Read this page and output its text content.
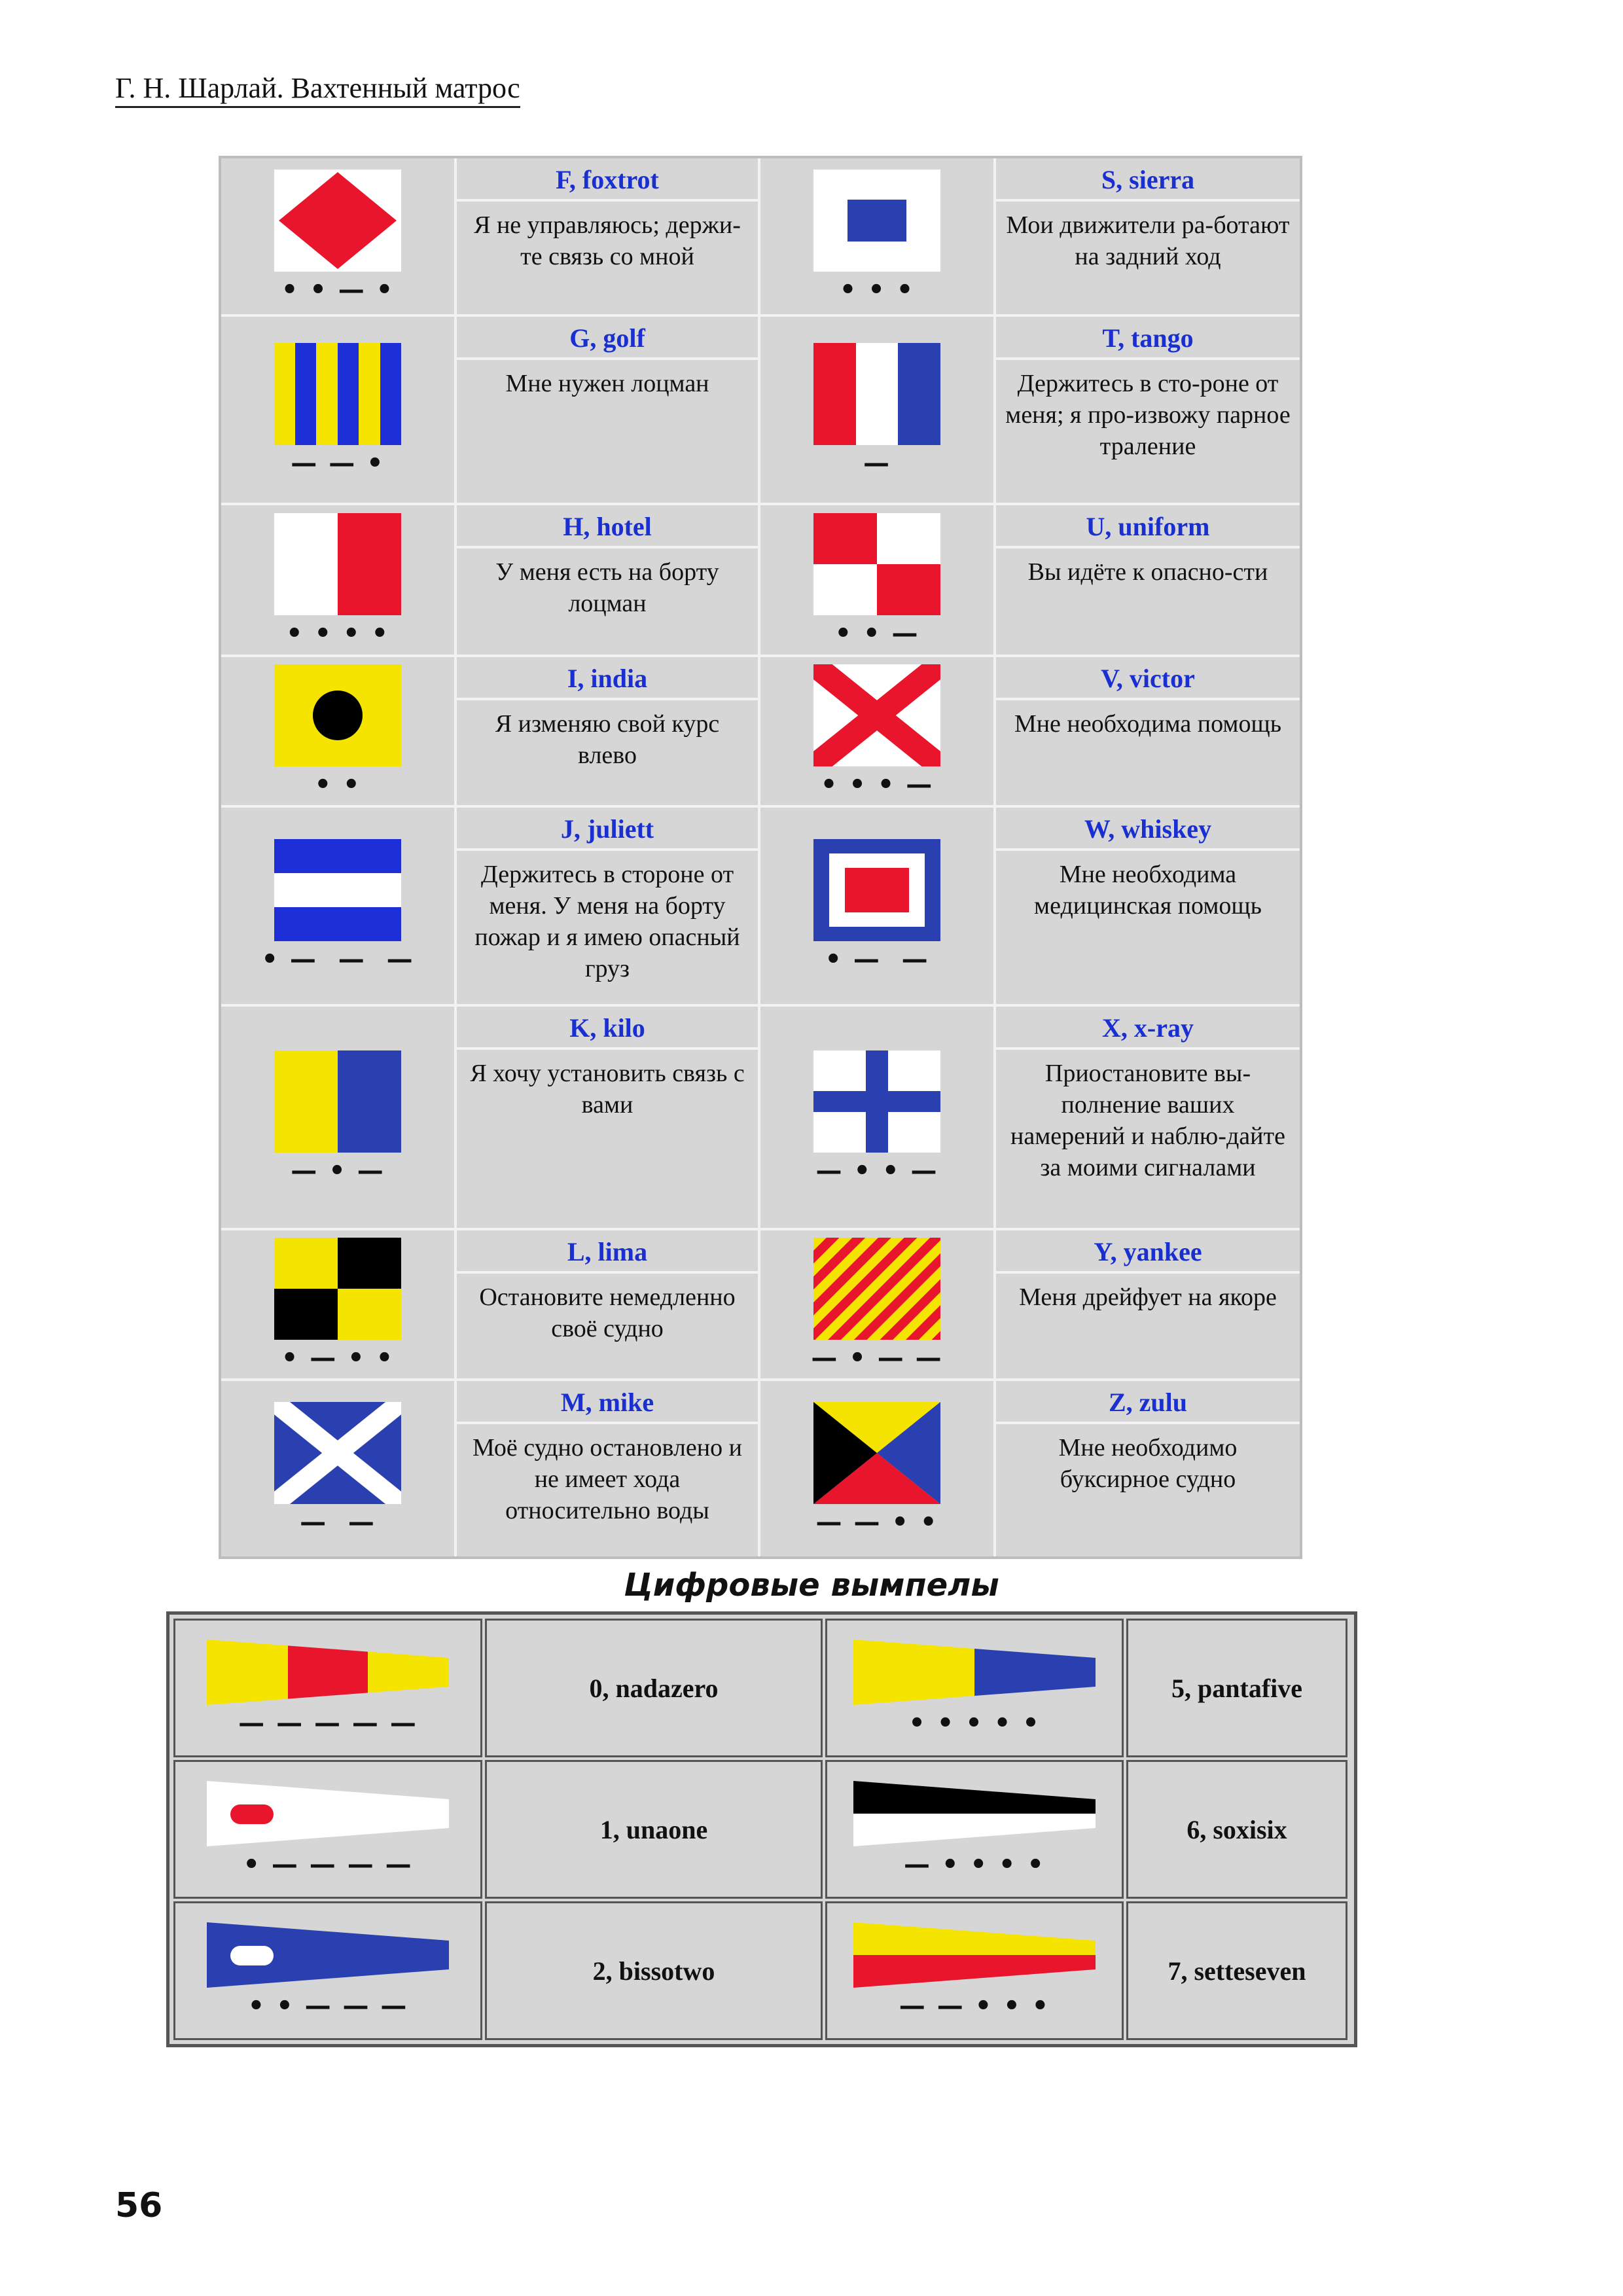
Г. Н. Шарлай. Вахтенный матрос
• • — •
F, foxtrot
Я не управляюсь; держи-те связь со мной
• • •
S, sierra
Мои движители ра-ботают на задний ход
— — •
G, golf
Мне нужен лоцман
—
T, tango
Держитесь в сто-роне от меня; я про-извожу парное траление
• • • •
H, hotel
У меня есть на борту лоцман
• • —
U, uniform
Вы идёте к опасно-сти
• •
I, india
Я изменяю свой курс влево
• • • —
V, victor
Мне необходима помощь
• —  —  —
J, juliett
Держитесь в стороне от меня. У меня на борту пожар и я имею опасный груз	• —  —
W, whiskey
Мне необходима медицинская помощь
— • —
K, kilo
Я хочу установить связь с вами
— • • —
X, x-ray
Приостановите вы-полнение ваших намерений и наблю-дайте за моими сигналами
• — • •
L, lima
Остановите немедленно своё судно
— • — —
Y, yankee
Меня дрейфует на якоре
—  —
M, mike
Моё судно остановлено и не имеет хода относительно воды	— — • •
Z, zulu
Мне необходимо буксирное судно
Цифровые вымпелы
— — — — —
0, nadazero
• • • • •
5, pantafive
• — — — —
1, unaone
— • • • •
6, soxisix
• • — — —
2, bissotwo
— — • • •
7, setteseven
56
